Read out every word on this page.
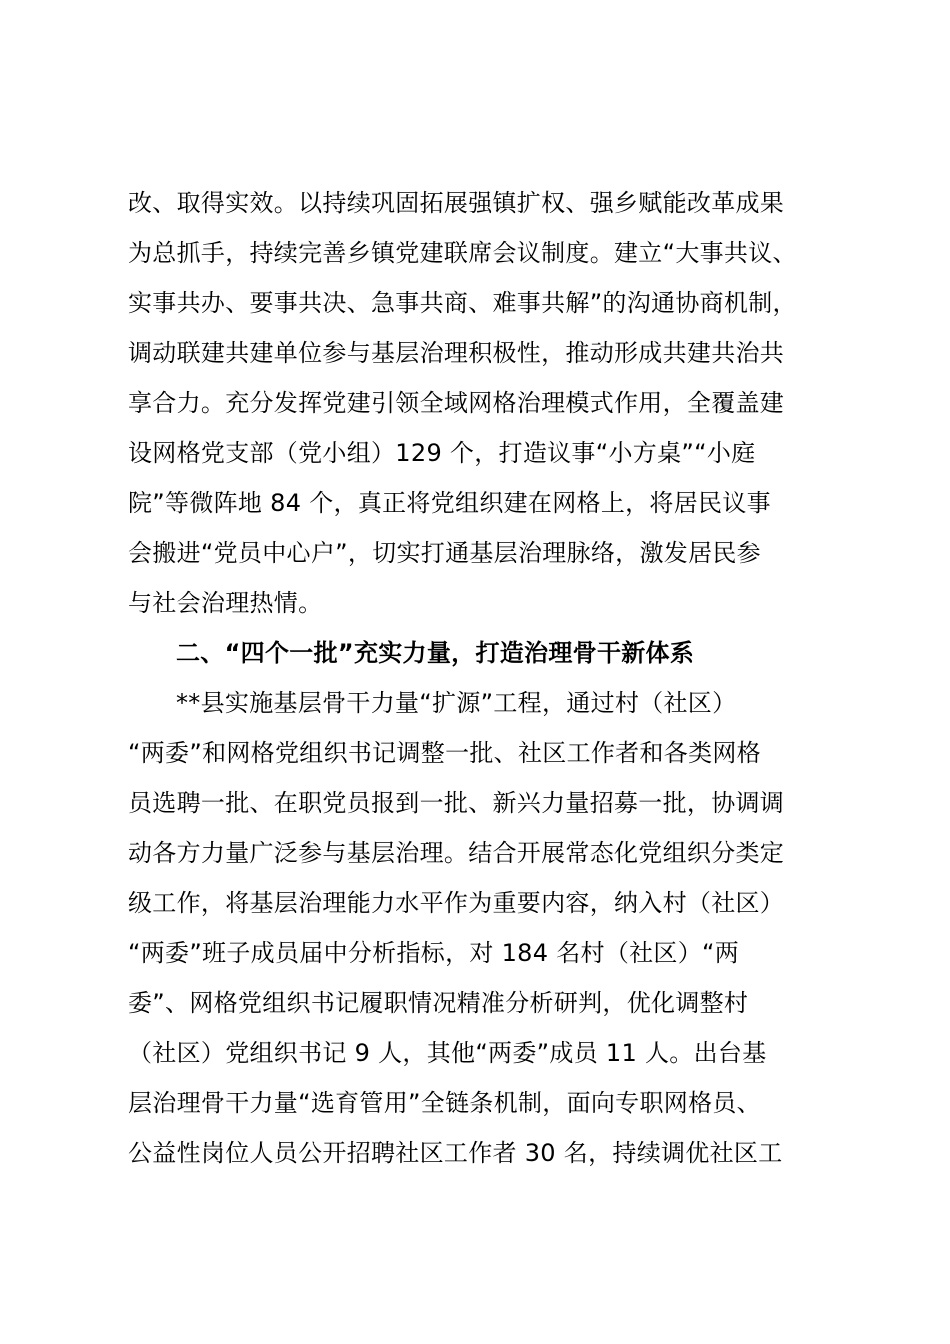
改、取得实效。以持续巩固拓展强镇扩权、强乡赋能改革成果
为总抓手，持续完善乡镇党建联席会议制度。建立“大事共议、
实事共办、要事共决、急事共商、难事共解”的沟通协商机制，
调动联建共建单位参与基层治理积极性，推动形成共建共治共
享合力。充分发挥党建引领全域网格治理模式作用，全覆盖建
设网格党支部（党小组）129 个，打造议事“小方桌”“小庭
院”等微阵地 84 个，真正将党组织建在网格上，将居民议事
会搬进“党员中心户”，切实打通基层治理脉络，激发居民参
与社会治理热情。
二、“四个一批”充实力量，打造治理骨干新体系
**县实施基层骨干力量“扩源”工程，通过村（社区）
“两委”和网格党组织书记调整一批、社区工作者和各类网格
员选聘一批、在职党员报到一批、新兴力量招募一批，协调调
动各方力量广泛参与基层治理。结合开展常态化党组织分类定
级工作，将基层治理能力水平作为重要内容，纳入村（社区）
“两委”班子成员届中分析指标，对 184 名村（社区）“两
委”、网格党组织书记履职情况精准分析研判，优化调整村
（社区）党组织书记 9 人，其他“两委”成员 11 人。出台基
层治理骨干力量“选育管用”全链条机制，面向专职网格员、
公益性岗位人员公开招聘社区工作者 30 名，持续调优社区工
